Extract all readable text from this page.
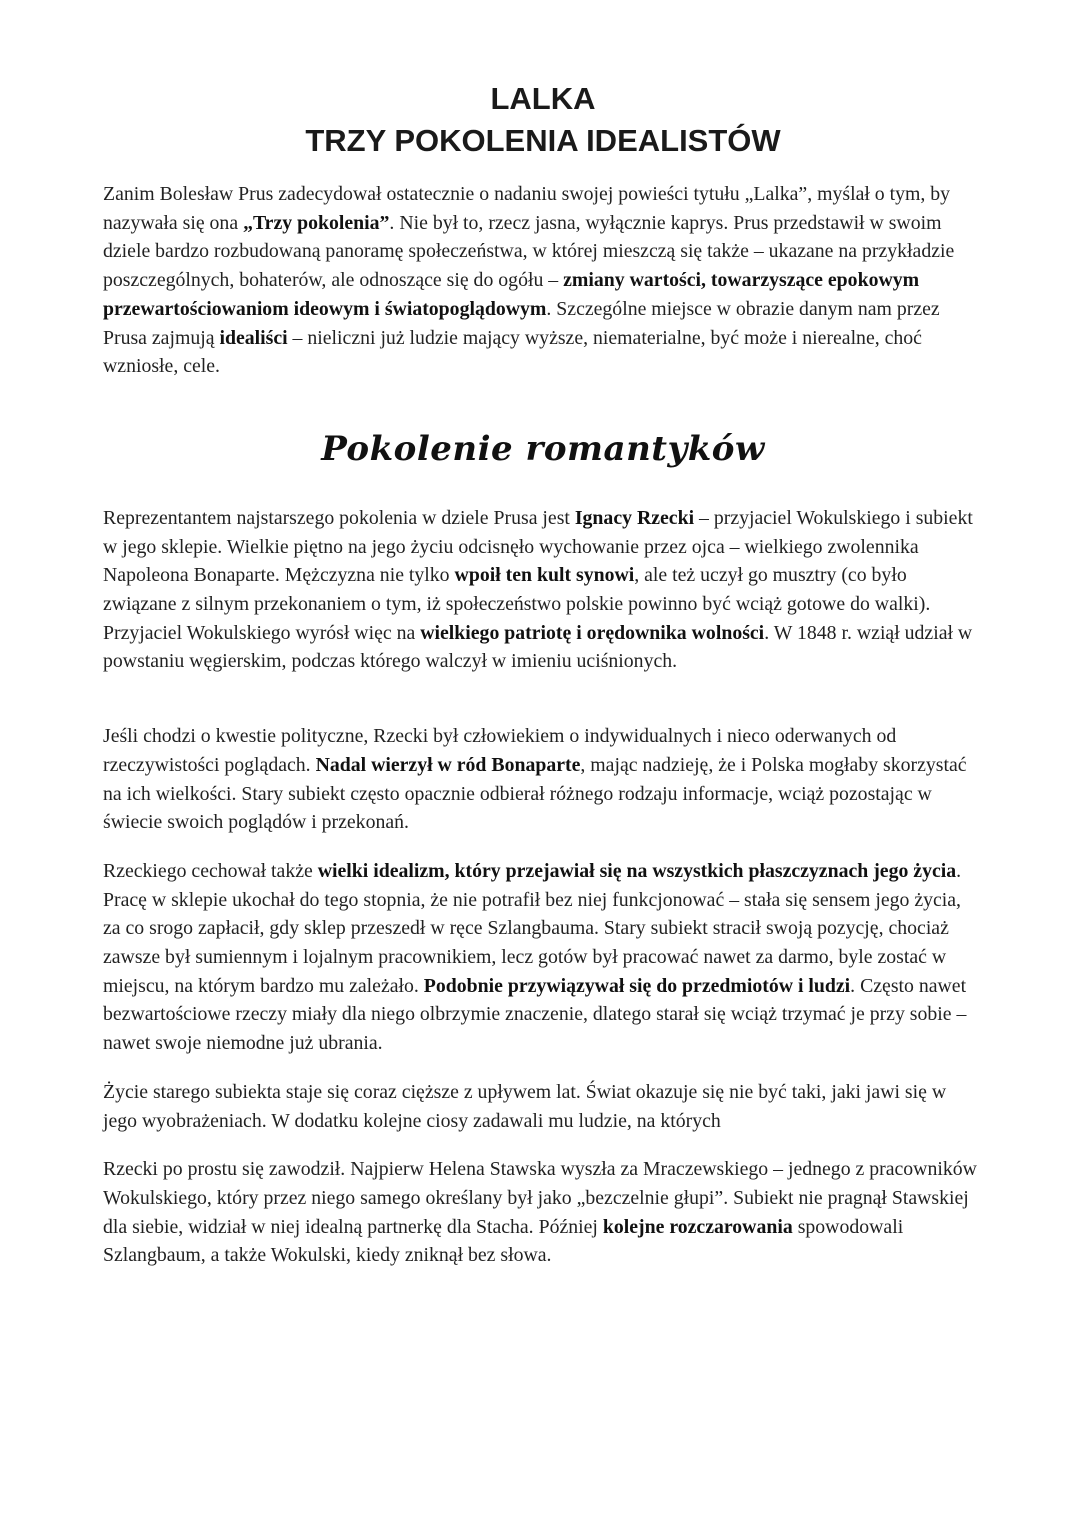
LALKA
TRZY POKOLENIA IDEALISTÓW

Zanim Bolesław Prus zadecydował ostatecznie o nadaniu swojej powieści tytułu „Lalka”, myślał o tym, by nazywała się ona „Trzy pokolenia”. Nie był to, rzecz jasna, wyłącznie kaprys. Prus przedstawił w swoim dziele bardzo rozbudowaną panoramę społeczeństwa, w której mieszczą się także – ukazane na przykładzie poszczególnych, bohaterów, ale odnoszące się do ogółu – zmiany wartości, towarzyszące epokowym przewartościowaniom ideowym i światopoglądowym. Szczególne miejsce w obrazie danym nam przez Prusa zajmują idealiści – nieliczni już ludzie mający wyższe, niematerialne, być może i nierealne, choć wzniosłe, cele.

Pokolenie romantyków

Reprezentantem najstarszego pokolenia w dziele Prusa jest Ignacy Rzecki – przyjaciel Wokulskiego i subiekt w jego sklepie. Wielkie piętno na jego życiu odcisnęło wychowanie przez ojca – wielkiego zwolennika Napoleona Bonaparte. Mężczyzna nie tylko wpoił ten kult synowi, ale też uczył go musztry (co było związane z silnym przekonaniem o tym, iż społeczeństwo polskie powinno być wciąż gotowe do walki). Przyjaciel Wokulskiego wyrósł więc na wielkiego patriotę i orędownika wolności. W 1848 r. wziął udział w powstaniu węgierskim, podczas którego walczył w imieniu uciśnionych.

Jeśli chodzi o kwestie polityczne, Rzecki był człowiekiem o indywidualnych i nieco oderwanych od rzeczywistości poglądach. Nadal wierzył w ród Bonaparte, mając nadzieję, że i Polska mogłaby skorzystać na ich wielkości. Stary subiekt często opacznie odbierał różnego rodzaju informacje, wciąż pozostając w świecie swoich poglądów i przekonań.

Rzeckiego cechował także wielki idealizm, który przejawiał się na wszystkich płaszczyznach jego życia. Pracę w sklepie ukochał do tego stopnia, że nie potrafił bez niej funkcjonować – stała się sensem jego życia, za co srogo zapłacił, gdy sklep przeszedł w ręce Szlangbauma. Stary subiekt stracił swoją pozycję, chociaż zawsze był sumiennym i lojalnym pracownikiem, lecz gotów był pracować nawet za darmo, byle zostać w miejscu, na którym bardzo mu zależało. Podobnie przywiązywał się do przedmiotów i ludzi. Często nawet bezwartościowe rzeczy miały dla niego olbrzymie znaczenie, dlatego starał się wciąż trzymać je przy sobie – nawet swoje niemodne już ubrania.

Życie starego subiekta staje się coraz cięższe z upływem lat. Świat okazuje się nie być taki, jaki jawi się w jego wyobrażeniach. W dodatku kolejne ciosy zadawali mu ludzie, na których

Rzecki po prostu się zawodził. Najpierw Helena Stawska wyszła za Mraczewskiego – jednego z pracowników Wokulskiego, który przez niego samego określany był jako „bezczelnie głupi”. Subiekt nie pragnął Stawskiej dla siebie, widział w niej idealną partnerkę dla Stacha. Później kolejne rozczarowania spowodowali Szlangbaum, a także Wokulski, kiedy zniknął bez słowa.
